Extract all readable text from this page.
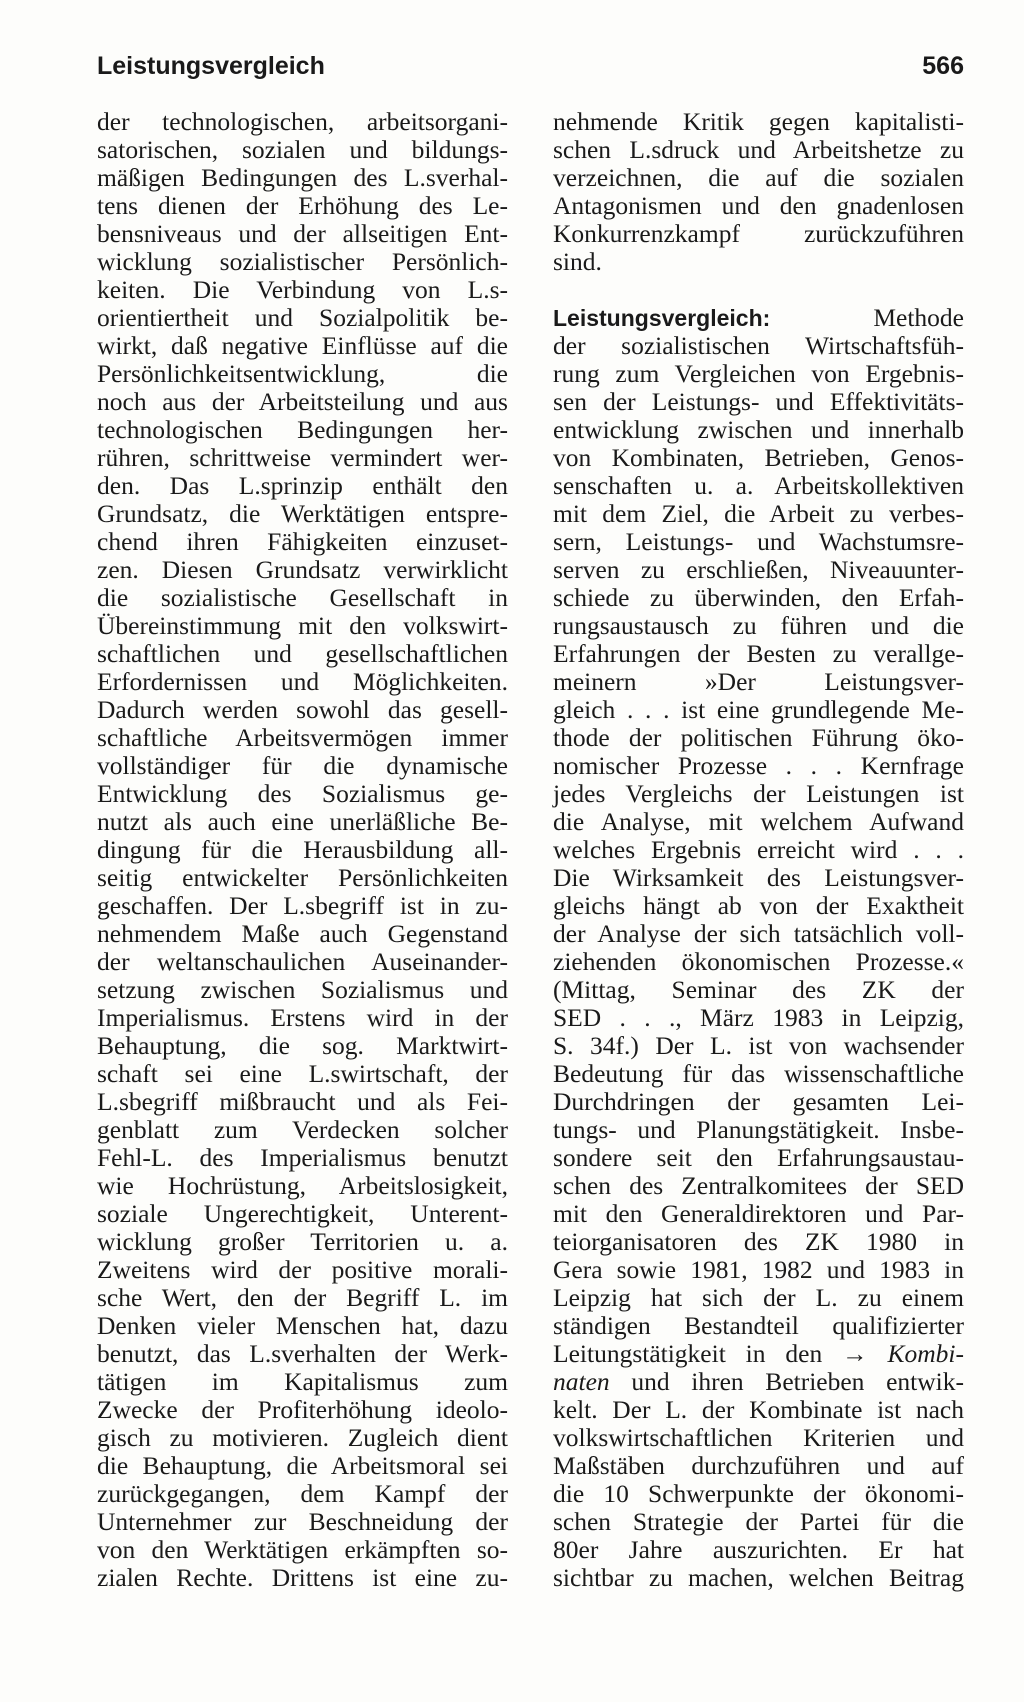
Leistungsvergleich	566
der technologischen, arbeitsorgani-
satorischen, sozialen und bildungs-
mäßigen Bedingungen des L.sverhal-
tens dienen der Erhöhung des Le-
bensniveaus und der allseitigen Ent-
wicklung sozialistischer Persönlich-
keiten. Die Verbindung von L.s-
orientiertheit und Sozialpolitik be-
wirkt, daß negative Einflüsse auf die
Persönlichkeitsentwicklung, die
noch aus der Arbeitsteilung und aus
technologischen Bedingungen her-
rühren, schrittweise vermindert wer-
den. Das L.sprinzip enthält den
Grundsatz, die Werktätigen entspre-
chend ihren Fähigkeiten einzuset-
zen. Diesen Grundsatz verwirklicht
die sozialistische Gesellschaft in
Übereinstimmung mit den volkswirt-
schaftlichen und gesellschaftlichen
Erfordernissen und Möglichkeiten.
Dadurch werden sowohl das gesell-
schaftliche Arbeitsvermögen immer
vollständiger für die dynamische
Entwicklung des Sozialismus ge-
nutzt als auch eine unerläßliche Be-
dingung für die Herausbildung all-
seitig entwickelter Persönlichkeiten
geschaffen. Der L.sbegriff ist in zu-
nehmendem Maße auch Gegenstand
der weltanschaulichen Auseinander-
setzung zwischen Sozialismus und
Imperialismus. Erstens wird in der
Behauptung, die sog. Marktwirt-
schaft sei eine L.swirtschaft, der
L.sbegriff mißbraucht und als Fei-
genblatt zum Verdecken solcher
Fehl-L. des Imperialismus benutzt
wie Hochrüstung, Arbeitslosigkeit,
soziale Ungerechtigkeit, Unterent-
wicklung großer Territorien u. a.
Zweitens wird der positive morali-
sche Wert, den der Begriff L. im
Denken vieler Menschen hat, dazu
benutzt, das L.sverhalten der Werk-
tätigen im Kapitalismus zum
Zwecke der Profiterhöhung ideolo-
gisch zu motivieren. Zugleich dient
die Behauptung, die Arbeitsmoral sei
zurückgegangen, dem Kampf der
Unternehmer zur Beschneidung der
von den Werktätigen erkämpften so-
zialen Rechte. Drittens ist eine zu-
nehmende Kritik gegen kapitalisti-
schen L.sdruck und Arbeitshetze zu
verzeichnen, die auf die sozialen
Antagonismen und den gnadenlosen
Konkurrenzkampf zurückzuführen
sind.
Leistungsvergleich:	Methode
der sozialistischen Wirtschaftsfüh-
rung zum Vergleichen von Ergebnis-
sen der Leistungs- und Effektivitäts-
entwicklung zwischen und innerhalb
von Kombinaten, Betrieben, Genos-
senschaften u. a. Arbeitskollektiven
mit dem Ziel, die Arbeit zu verbes-
sern, Leistungs- und Wachstumsre-
serven zu erschließen, Niveauunter-
schiede zu überwinden, den Erfah-
rungsaustausch zu führen und die
Erfahrungen der Besten zu verallge-
meinern »Der Leistungsver-
gleich . . . ist eine grundlegende Me-
thode der politischen Führung öko-
nomischer Prozesse . . . Kernfrage
jedes Vergleichs der Leistungen ist
die Analyse, mit welchem Aufwand
welches Ergebnis erreicht wird . . .
Die Wirksamkeit des Leistungsver-
gleichs hängt ab von der Exaktheit
der Analyse der sich tatsächlich voll-
ziehenden ökonomischen Prozesse.«
(Mittag, Seminar des ZK der
SED . . ., März 1983 in Leipzig,
S. 34f.) Der L. ist von wachsender
Bedeutung für das wissenschaftliche
Durchdringen der gesamten Lei-
tungs- und Planungstätigkeit. Insbe-
sondere seit den Erfahrungsaustau-
schen des Zentralkomitees der SED
mit den Generaldirektoren und Par-
teiorganisatoren des ZK 1980 in
Gera sowie 1981, 1982 und 1983 in
Leipzig hat sich der L. zu einem
ständigen Bestandteil qualifizierter
Leitungstätigkeit in den → Kombi-
naten und ihren Betrieben entwik-
kelt. Der L. der Kombinate ist nach
volkswirtschaftlichen Kriterien und
Maßstäben durchzuführen und auf
die 10 Schwerpunkte der ökonomi-
schen Strategie der Partei für die
80er Jahre auszurichten. Er hat
sichtbar zu machen, welchen Beitrag
